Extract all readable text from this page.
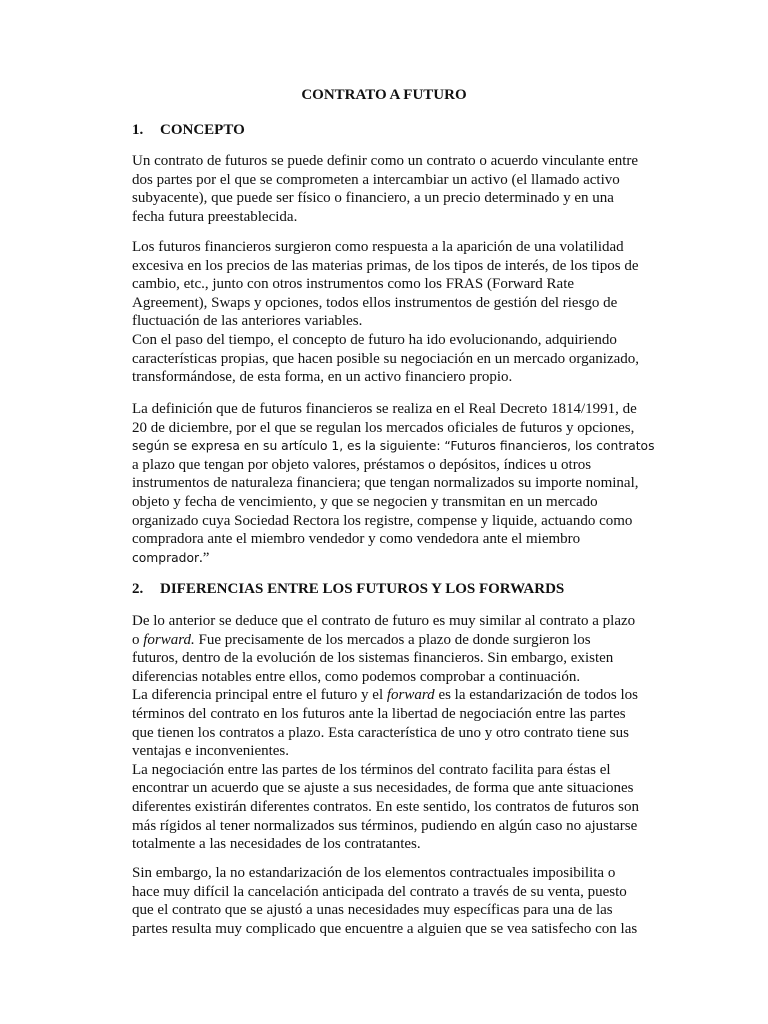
CONTRATO A FUTURO
1. CONCEPTO

Un contrato de futuros se puede definir como un contrato o acuerdo vinculante entre
dos partes por el que se comprometen a intercambiar un activo (el llamado activo
subyacente), que puede ser físico o financiero, a un precio determinado y en una
fecha futura preestablecida.

Los futuros financieros surgieron como respuesta a la aparición de una volatilidad
excesiva en los precios de las materias primas, de los tipos de interés, de los tipos de
cambio, etc., junto con otros instrumentos como los FRAS (Forward Rate
Agreement), Swaps y opciones, todos ellos instrumentos de gestión del riesgo de
fluctuación de las anteriores variables.
Con el paso del tiempo, el concepto de futuro ha ido evolucionando, adquiriendo
características propias, que hacen posible su negociación en un mercado organizado,
transformándose, de esta forma, en un activo financiero propio.

La definición que de futuros financieros se realiza en el Real Decreto 1814/1991, de
20 de diciembre, por el que se regulan los mercados oficiales de futuros y opciones,
según se expresa en su artículo 1, es la siguiente: “Futuros financieros, los contratos
a plazo que tengan por objeto valores, préstamos o depósitos, índices u otros
instrumentos de naturaleza financiera; que tengan normalizados su importe nominal,
objeto y fecha de vencimiento, y que se negocien y transmitan en un mercado
organizado cuya Sociedad Rectora los registre, compense y liquide, actuando como
compradora ante el miembro vendedor y como vendedora ante el miembro
comprador.”

2. DIFERENCIAS ENTRE LOS FUTUROS Y LOS FORWARDS

De lo anterior se deduce que el contrato de futuro es muy similar al contrato a plazo
o forward. Fue precisamente de los mercados a plazo de donde surgieron los
futuros, dentro de la evolución de los sistemas financieros. Sin embargo, existen
diferencias notables entre ellos, como podemos comprobar a continuación.
La diferencia principal entre el futuro y el forward es la estandarización de todos los
términos del contrato en los futuros ante la libertad de negociación entre las partes
que tienen los contratos a plazo. Esta característica de uno y otro contrato tiene sus
ventajas e inconvenientes.
La negociación entre las partes de los términos del contrato facilita para éstas el
encontrar un acuerdo que se ajuste a sus necesidades, de forma que ante situaciones
diferentes existirán diferentes contratos. En este sentido, los contratos de futuros son
más rígidos al tener normalizados sus términos, pudiendo en algún caso no ajustarse
totalmente a las necesidades de los contratantes.

Sin embargo, la no estandarización de los elementos contractuales imposibilita o
hace muy difícil la cancelación anticipada del contrato a través de su venta, puesto
que el contrato que se ajustó a unas necesidades muy específicas para una de las
partes resulta muy complicado que encuentre a alguien que se vea satisfecho con las
